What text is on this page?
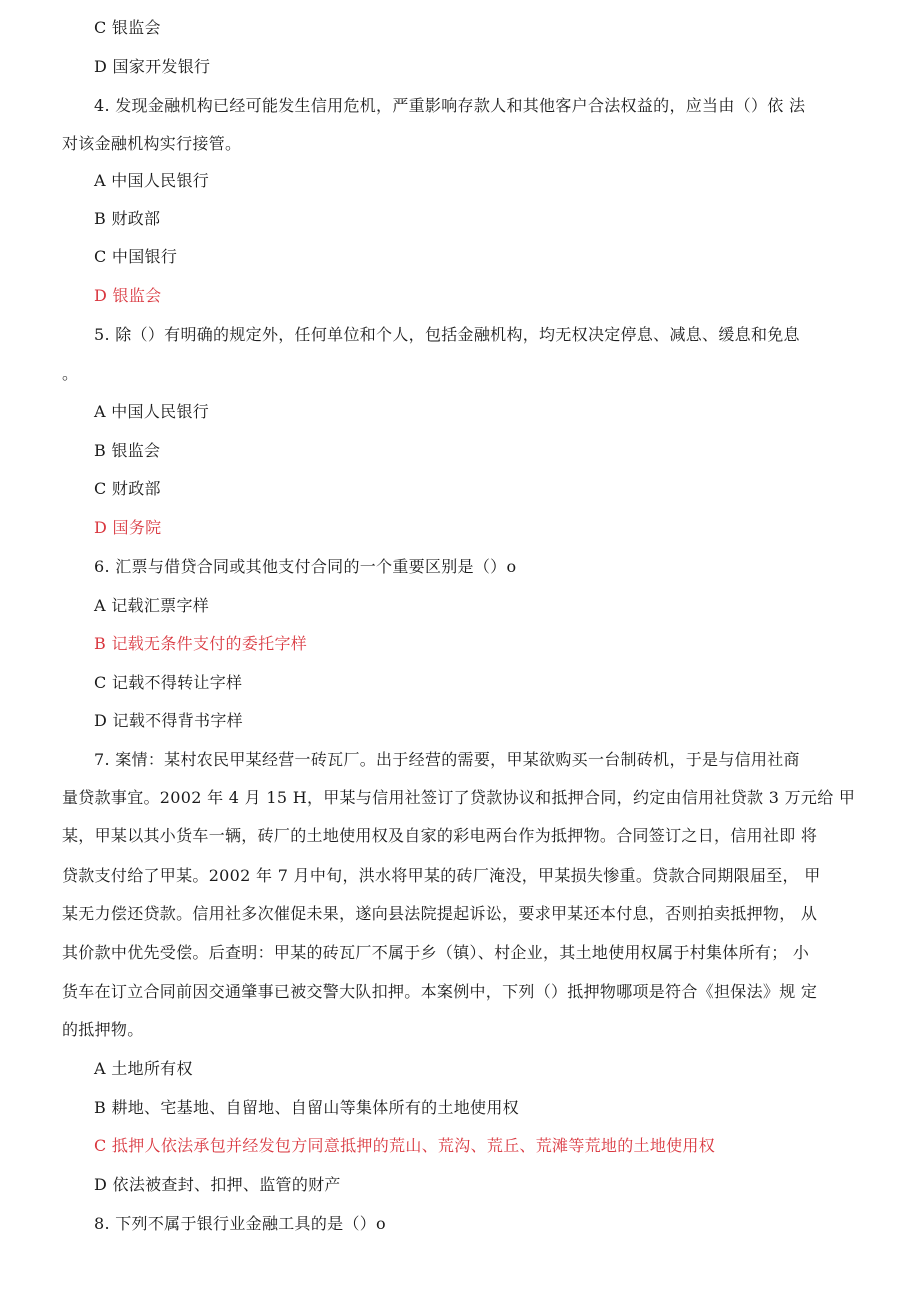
C 银监会
D 国家开发银行
4. 发现金融机构已经可能发生信用危机，严重影响存款人和其他客户合法权益的，应当由（）依 法
对该金融机构实行接管。
A 中国人民银行
B 财政部
C 中国银行
D 银监会
5. 除（）有明确的规定外，任何单位和个人，包括金融机构，均无权决定停息、减息、缓息和免息
。
A 中国人民银行
B 银监会
C 财政部
D 国务院
6. 汇票与借贷合同或其他支付合同的一个重要区别是（）o
A 记载汇票字样
B 记载无条件支付的委托字样
C 记载不得转让字样
D 记载不得背书字样
7. 案情：某村农民甲某经营一砖瓦厂。出于经营的需要，甲某欲购买一台制砖机，于是与信用社商
量贷款事宜。2002 年 4 月 15 H，甲某与信用社签订了贷款协议和抵押合同，约定由信用社贷款 3 万元给 甲
某，甲某以其小货车一辆，砖厂的土地使用权及自家的彩电两台作为抵押物。合同签订之日，信用社即 将
贷款支付给了甲某。2002 年 7 月中旬，洪水将甲某的砖厂淹没，甲某损失惨重。贷款合同期限届至， 甲
某无力偿还贷款。信用社多次催促未果，遂向县法院提起诉讼，要求甲某还本付息，否则拍卖抵押物， 从
其价款中优先受偿。后查明：甲某的砖瓦厂不属于乡（镇）、村企业，其土地使用权属于村集体所有； 小
货车在订立合同前因交通肇事已被交警大队扣押。本案例中，下列（）抵押物哪项是符合《担保法》规 定
的抵押物。
A 土地所有权
B 耕地、宅基地、自留地、自留山等集体所有的土地使用权
C 抵押人依法承包并经发包方同意抵押的荒山、荒沟、荒丘、荒滩等荒地的土地使用权
D 依法被查封、扣押、监管的财产
8. 下列不属于银行业金融工具的是（）o
